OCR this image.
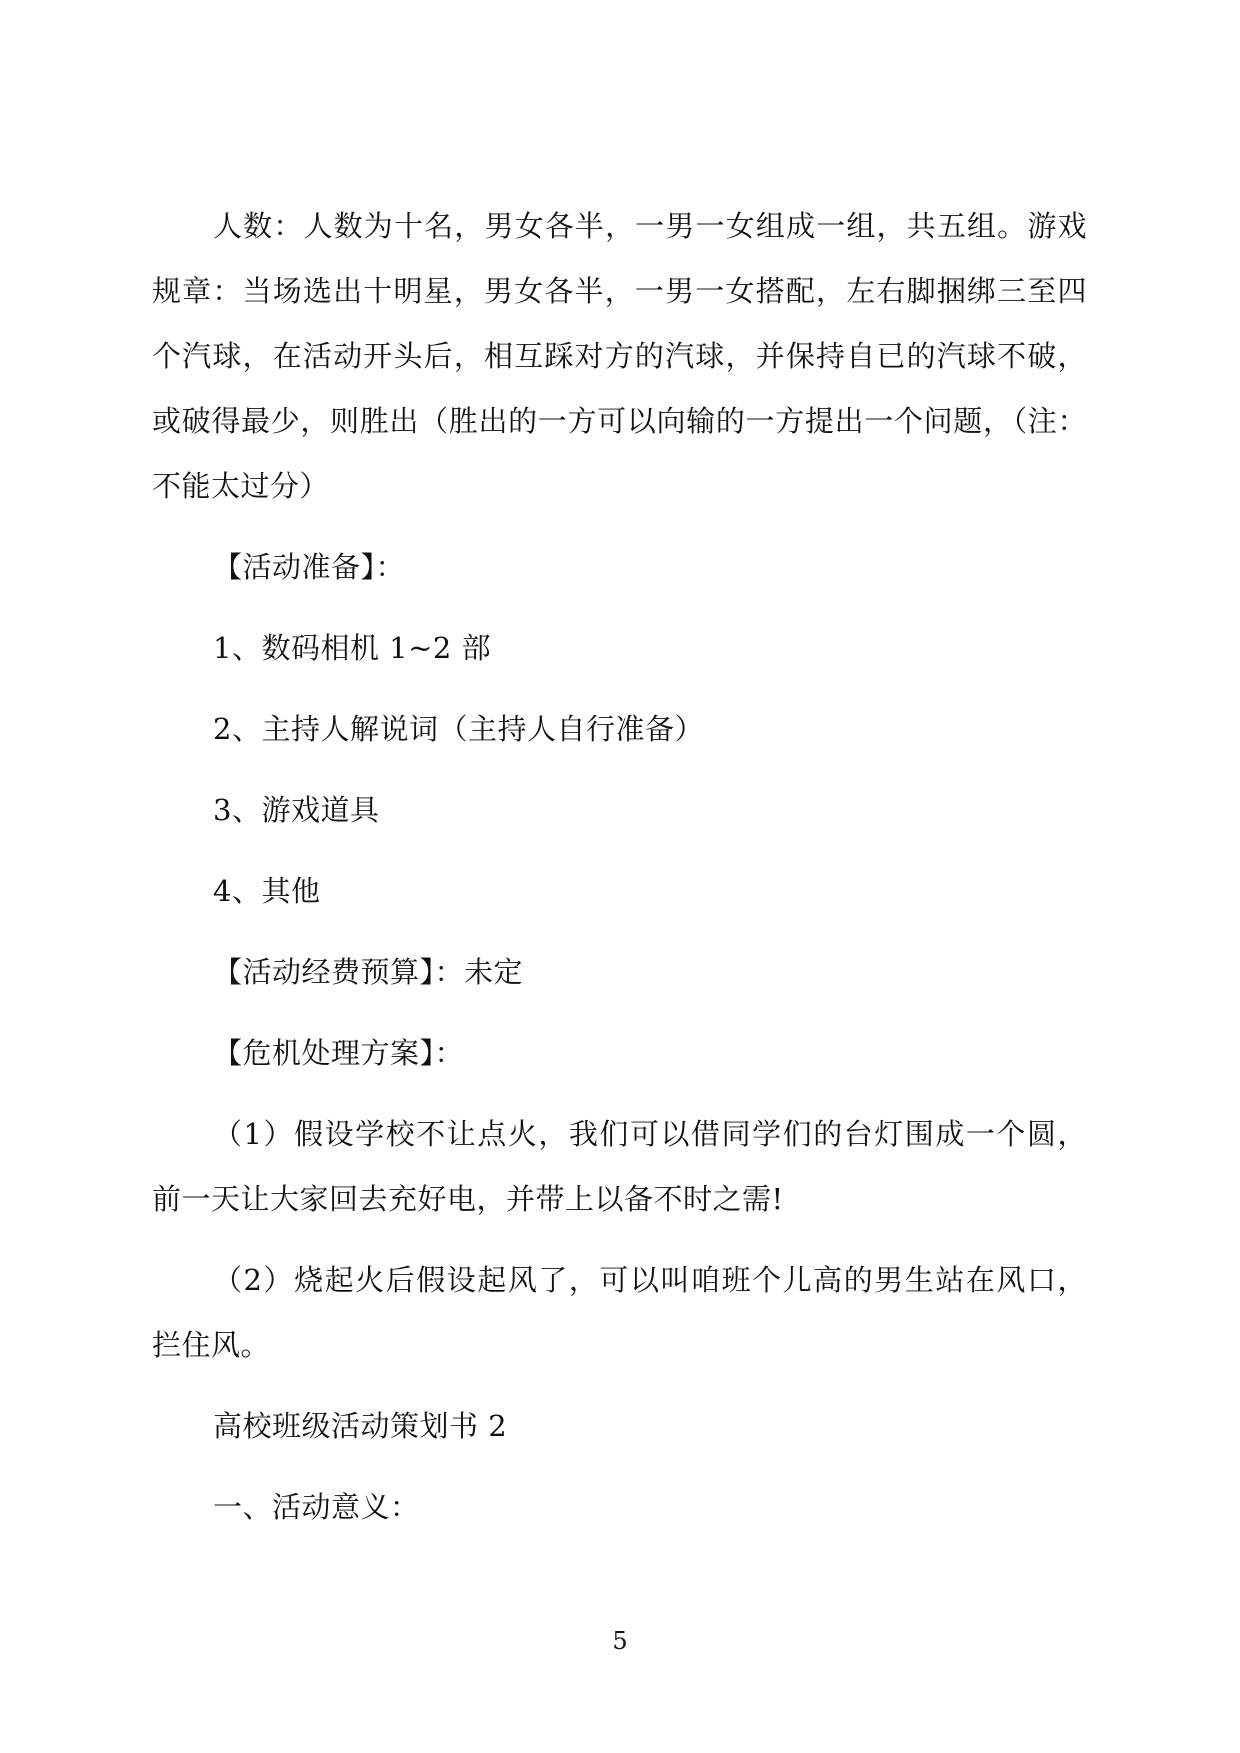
人数：人数为十名，男女各半，一男一女组成一组，共五组。游戏规章：当场选出十明星，男女各半，一男一女搭配，左右脚捆绑三至四个汽球，在活动开头后，相互踩对方的汽球，并保持自已的汽球不破，或破得最少，则胜出（胜出的一方可以向输的一方提出一个问题，（注：不能太过分）

【活动准备】：

1、数码相机 1~2 部

2、主持人解说词（主持人自行准备）

3、游戏道具

4、其他

【活动经费预算】：未定

【危机处理方案】：

（1）假设学校不让点火，我们可以借同学们的台灯围成一个圆，前一天让大家回去充好电，并带上以备不时之需!

（2）烧起火后假设起风了，可以叫咱班个儿高的男生站在风口，拦住风。

高校班级活动策划书 2

一、活动意义：

5
